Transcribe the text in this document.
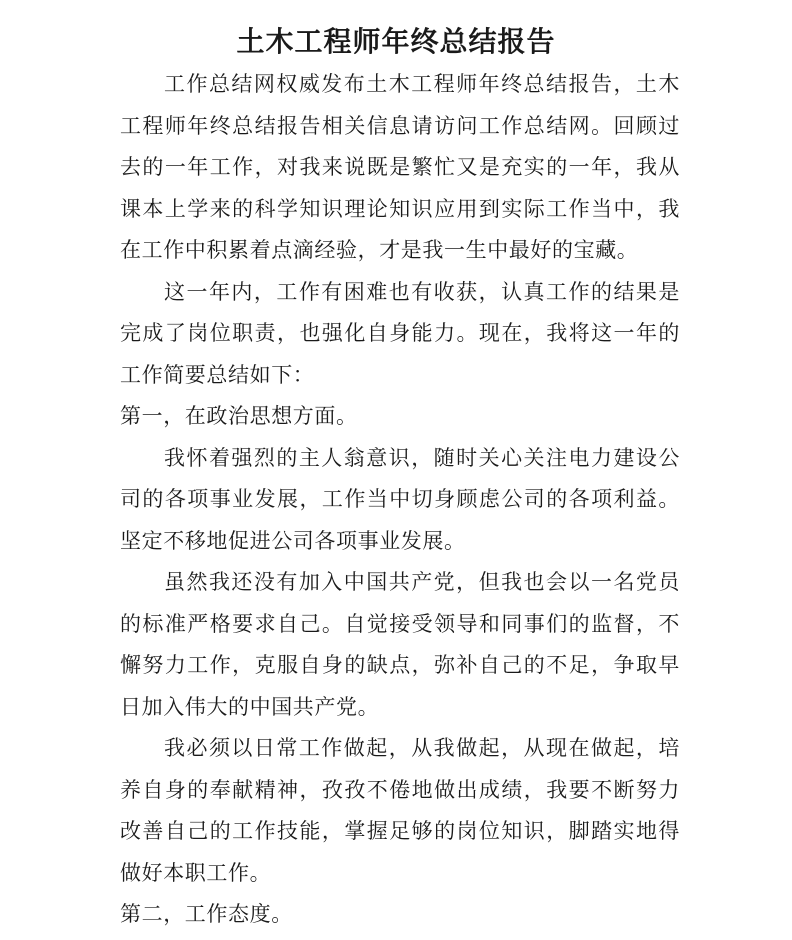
土木工程师年终总结报告

工作总结网权威发布土木工程师年终总结报告，土木工程师年终总结报告相关信息请访问工作总结网。回顾过去的一年工作，对我来说既是繁忙又是充实的一年，我从课本上学来的科学知识理论知识应用到实际工作当中，我在工作中积累着点滴经验，才是我一生中最好的宝藏。

这一年内，工作有困难也有收获，认真工作的结果是完成了岗位职责，也强化自身能力。现在，我将这一年的工作简要总结如下：

第一，在政治思想方面。

我怀着强烈的主人翁意识，随时关心关注电力建设公司的各项事业发展，工作当中切身顾虑公司的各项利益。坚定不移地促进公司各项事业发展。

虽然我还没有加入中国共产党，但我也会以一名党员的标准严格要求自己。自觉接受领导和同事们的监督，不懈努力工作，克服自身的缺点，弥补自己的不足，争取早日加入伟大的中国共产党。

我必须以日常工作做起，从我做起，从现在做起，培养自身的奉献精神，孜孜不倦地做出成绩，我要不断努力改善自己的工作技能，掌握足够的岗位知识，脚踏实地得做好本职工作。

第二，工作态度。
